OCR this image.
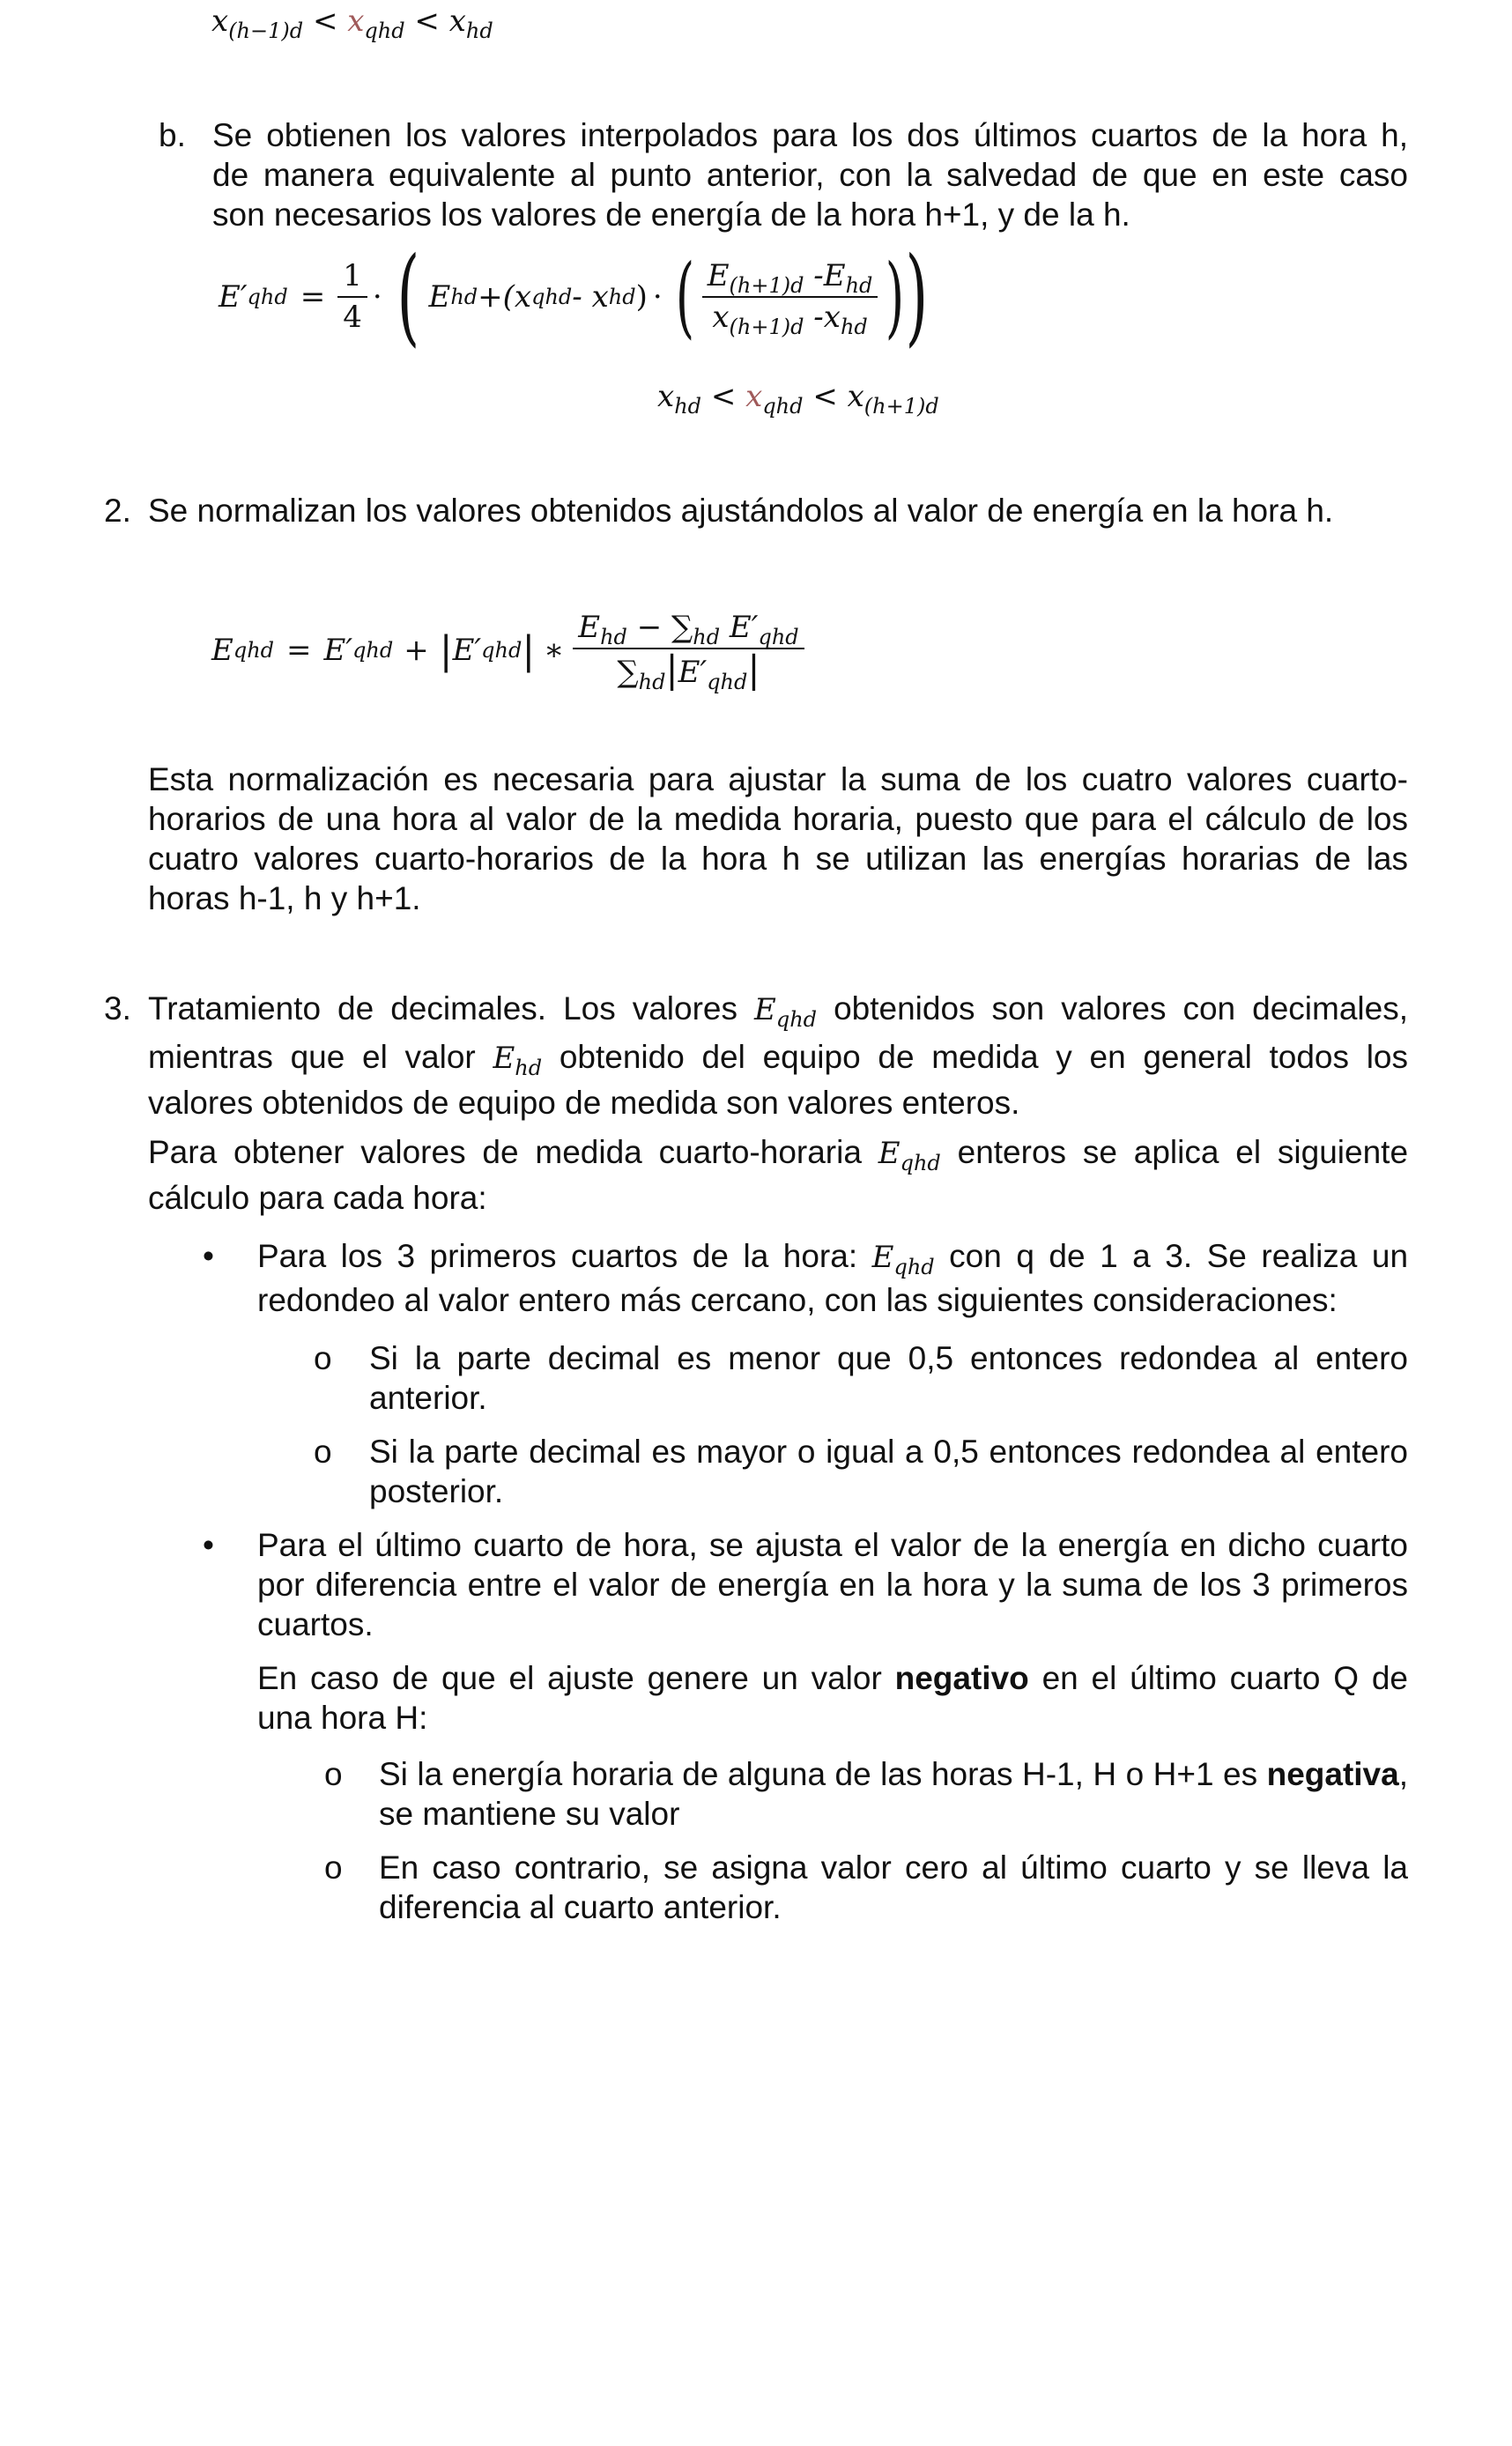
$x_{(h-1)d} < x_{qhd} < x_{hd}$
b. Se obtienen los valores interpolados para los dos últimos cuartos de la hora h,
de manera equivalente al punto anterior, con la salvedad de que en este caso
son necesarios los valores de energía de la hora h+1, y de la h.
E′ qhd = $\frac{1}{4}$ · ( E hd +(x qhd - x hd ) · ( $\frac{E_{(h+1)d} -E_{hd}}{x_{(h+1)d} -x_{hd}}$ ) )
$x_{hd} < x_{qhd} < x_{(h+1)d}$
2. Se normalizan los valores obtenidos ajustándolos al valor de energía en la hora h.
E qhd = E′ qhd + | E′ qhd | ∗ $\frac{E_{hd} - \sum_{hd} E'_{qhd}}{\sum_{hd}|E'_{qhd}|}$
Esta normalización es necesaria para ajustar la suma de los cuatro valores cuarto-
horarios de una hora al valor de la medida horaria, puesto que para el cálculo de los
cuatro valores cuarto-horarios de la hora h se utilizan las energías horarias de las
horas h-1, h y h+1.
3. Tratamiento de decimales. Los valores $E_{qhd}$ obtenidos son valores con decimales,
mientras que el valor $E_{hd}$ obtenido del equipo de medida y en general todos los
valores obtenidos de equipo de medida son valores enteros.
Para obtener valores de medida cuarto-horaria $E_{qhd}$ enteros se aplica el siguiente
cálculo para cada hora:
• Para los 3 primeros cuartos de la hora: $E_{qhd}$ con q de 1 a 3. Se realiza un
redondeo al valor entero más cercano, con las siguientes consideraciones:
o Si la parte decimal es menor que 0,5 entonces redondea al entero
anterior.
o Si la parte decimal es mayor o igual a 0,5 entonces redondea al entero
posterior.
• Para el último cuarto de hora, se ajusta el valor de la energía en dicho cuarto
por diferencia entre el valor de energía en la hora y la suma de los 3 primeros
cuartos.
En caso de que el ajuste genere un valor negativo en el último cuarto Q de
una hora H:
o Si la energía horaria de alguna de las horas H-1, H o H+1 es negativa,
se mantiene su valor
o En caso contrario, se asigna valor cero al último cuarto y se lleva la
diferencia al cuarto anterior.
